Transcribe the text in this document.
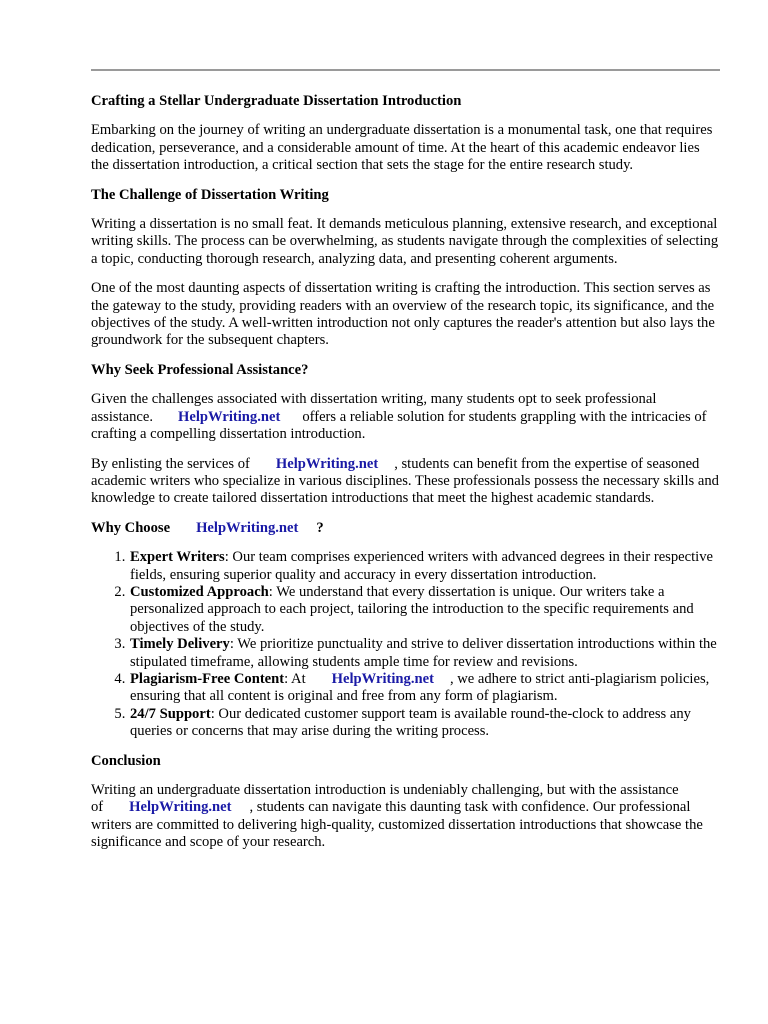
Crafting a Stellar Undergraduate Dissertation Introduction

Embarking on the journey of writing an undergraduate dissertation is a monumental task, one that requires dedication, perseverance, and a considerable amount of time. At the heart of this academic endeavor lies the dissertation introduction, a critical section that sets the stage for the entire research study.

The Challenge of Dissertation Writing

Writing a dissertation is no small feat. It demands meticulous planning, extensive research, and exceptional writing skills. The process can be overwhelming, as students navigate through the complexities of selecting a topic, conducting thorough research, analyzing data, and presenting coherent arguments.

One of the most daunting aspects of dissertation writing is crafting the introduction. This section serves as the gateway to the study, providing readers with an overview of the research topic, its significance, and the objectives of the study. A well-written introduction not only captures the reader's attention but also lays the groundwork for the subsequent chapters.

Why Seek Professional Assistance?

Given the challenges associated with dissertation writing, many students opt to seek professional assistance. HelpWriting.net offers a reliable solution for students grappling with the intricacies of crafting a compelling dissertation introduction.

By enlisting the services of HelpWriting.net , students can benefit from the expertise of seasoned academic writers who specialize in various disciplines. These professionals possess the necessary skills and knowledge to create tailored dissertation introductions that meet the highest academic standards.

Why Choose HelpWriting.net ?
1. Expert Writers: Our team comprises experienced writers with advanced degrees in their respective fields, ensuring superior quality and accuracy in every dissertation introduction.
2. Customized Approach: We understand that every dissertation is unique. Our writers take a personalized approach to each project, tailoring the introduction to the specific requirements and objectives of the study.
3. Timely Delivery: We prioritize punctuality and strive to deliver dissertation introductions within the stipulated timeframe, allowing students ample time for review and revisions.
4. Plagiarism-Free Content: At HelpWriting.net , we adhere to strict anti-plagiarism policies, ensuring that all content is original and free from any form of plagiarism.
5. 24/7 Support: Our dedicated customer support team is available round-the-clock to address any queries or concerns that may arise during the writing process.
Conclusion

Writing an undergraduate dissertation introduction is undeniably challenging, but with the assistance of HelpWriting.net , students can navigate this daunting task with confidence. Our professional writers are committed to delivering high-quality, customized dissertation introductions that showcase the significance and scope of your research.
